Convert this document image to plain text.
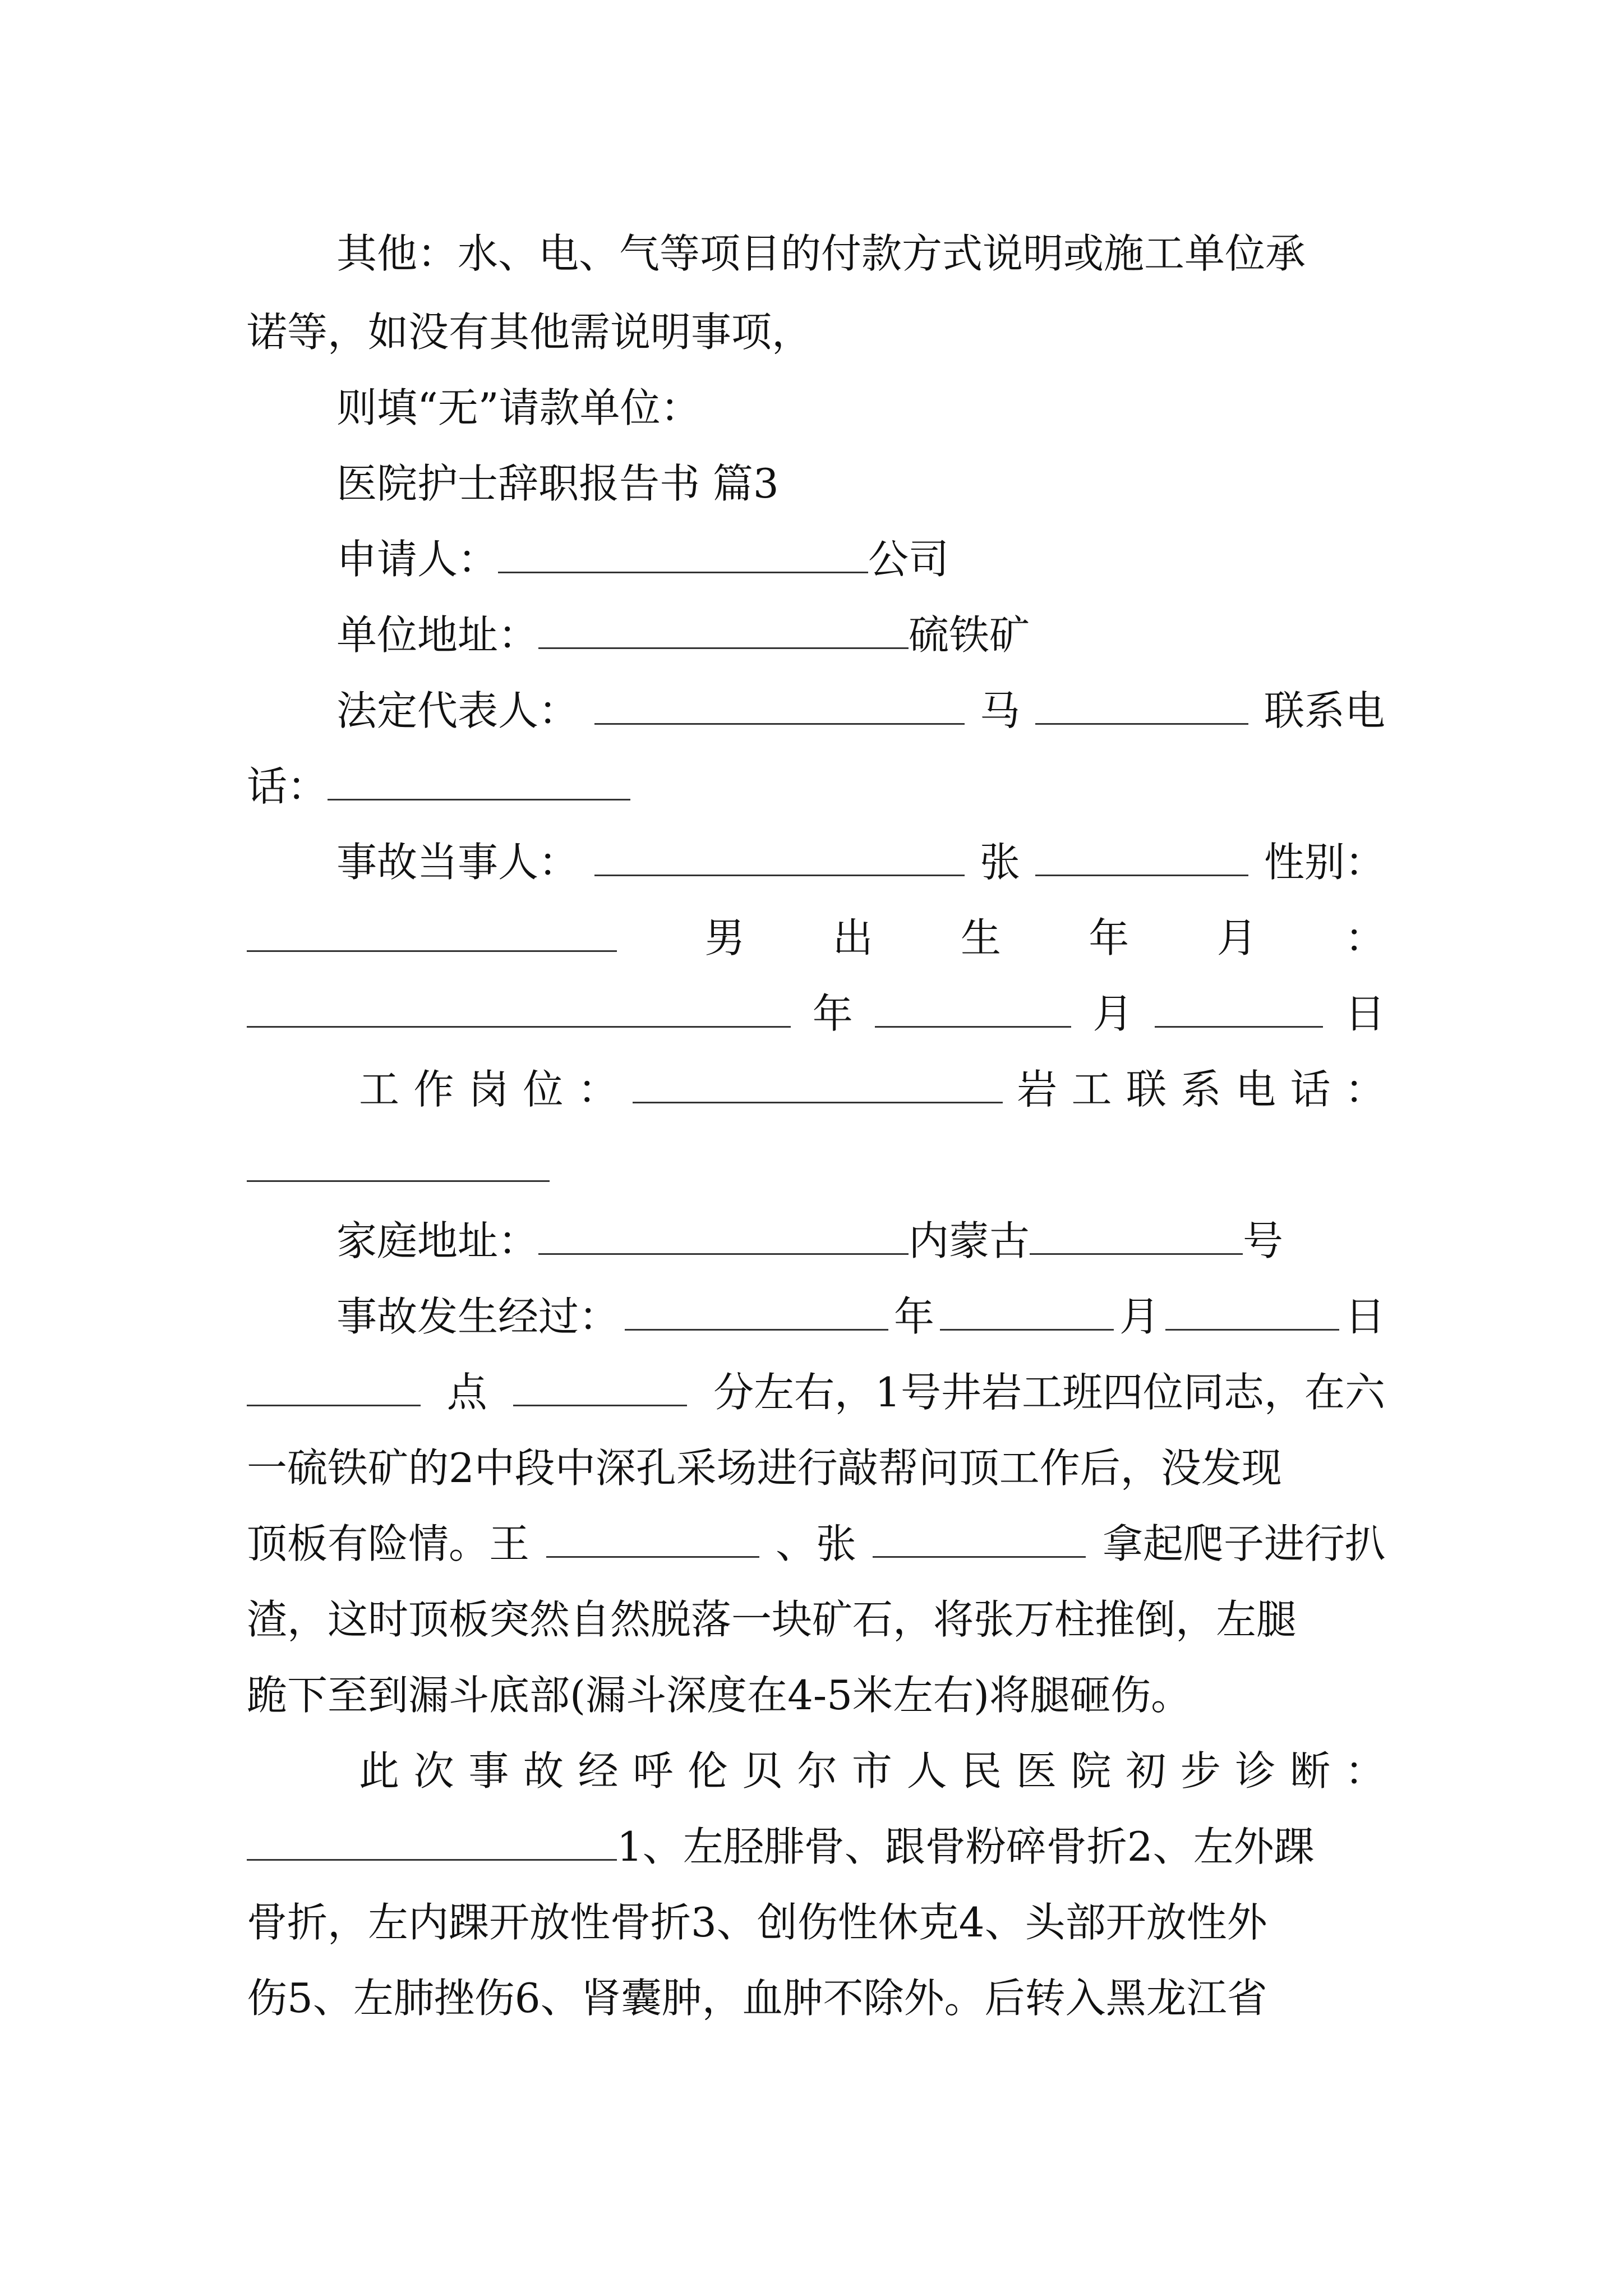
其他：水、电、气等项目的付款方式说明或施工单位承
诺等，如没有其他需说明事项，
则填“无”请款单位：
医院护士辞职报告书 篇3
申请人：	公司
单位地址：	硫铁矿
法定代表人：	马	联系电
话：
事故当事人：	张	性别：
男 出 生 年 月 ：
年	月	日
工 作 岗 位 ：	岩 工 联 系 电 话 ：
家庭地址：	内蒙古	号
事故发生经过：	年	月	日
点	分左右，1号井岩工班四位同志，在六
一硫铁矿的2中段中深孔采场进行敲帮问顶工作后，没发现
顶板有险情。王	、张	拿起爬子进行扒
渣，这时顶板突然自然脱落一块矿石，将张万柱推倒，左腿
跪下至到漏斗底部(漏斗深度在4-5米左右)将腿砸伤。
此 次 事 故 经 呼 伦 贝 尔 市 人 民 医 院 初 步 诊 断 ：
1、左胫腓骨、跟骨粉碎骨折2、左外踝
骨折，左内踝开放性骨折3、创伤性休克4、头部开放性外
伤5、左肺挫伤6、肾囊肿，血肿不除外。后转入黑龙江省
